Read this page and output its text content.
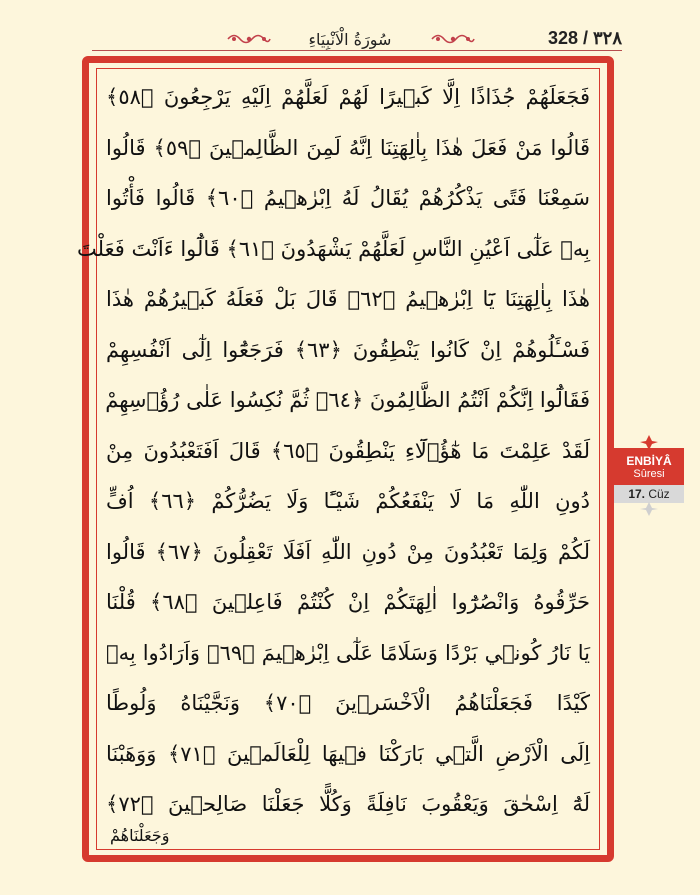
سُورَةُ الْاَنْبِيَاءِ	328 / ٣٢٨
فَجَعَلَهُمْ جُذَاذًا اِلَّا كَب۪يرًا لَهُمْ لَعَلَّهُمْ اِلَيْهِ يَرْجِعُونَ ﴿٥٨﴾
قَالُوا مَنْ فَعَلَ هٰذَا بِاٰلِهَتِنَا اِنَّهُ لَمِنَ الظَّالِم۪ينَ ﴿٥٩﴾ قَالُوا
سَمِعْنَا فَتًى يَذْكُرُهُمْ يُقَالُ لَهُ اِبْرٰه۪يمُ ﴿٦٠﴾ قَالُوا فَأْتُوا
بِه۪ عَلٰٓى اَعْيُنِ النَّاسِ لَعَلَّهُمْ يَشْهَدُونَ ﴿٦١﴾ قَالُٓوا ءَاَنْتَ فَعَلْتَ
هٰذَا بِاٰلِهَتِنَا يَٓا اِبْرٰه۪يمُ ﴿٦٢﴾ قَالَ بَلْ فَعَلَهُ كَب۪يرُهُمْ هٰذَا
فَسْـَٔلُوهُمْ اِنْ كَانُوا يَنْطِقُونَ ﴿٦٣﴾ فَرَجَعُٓوا اِلٰٓى اَنْفُسِهِمْ
فَقَالُٓوا اِنَّكُمْ اَنْتُمُ الظَّالِمُونَ ﴿٦٤﴾ ثُمَّ نُكِسُوا عَلٰى رُؤُ۫سِهِمْ
لَقَدْ عَلِمْتَ مَا هٰٓؤُ۬لَٓاءِ يَنْطِقُونَ ﴿٦٥﴾ قَالَ اَفَتَعْبُدُونَ مِنْ
دُونِ اللّٰهِ مَا لَا يَنْفَعُكُمْ شَيْـًٔا وَلَا يَضُرُّكُمْ ﴿٦٦﴾ اُفٍّ
لَكُمْ وَلِمَا تَعْبُدُونَ مِنْ دُونِ اللّٰهِ اَفَلَا تَعْقِلُونَ ﴿٦٧﴾ قَالُوا
حَرِّقُوهُ وَانْصُرُٓوا اٰلِهَتَكُمْ اِنْ كُنْتُمْ فَاعِل۪ينَ ﴿٦٨﴾ قُلْنَا
يَا نَارُ كُون۪ي بَرْدًا وَسَلَامًا عَلٰٓى اِبْرٰه۪يمَ ﴿٦٩﴾ وَاَرَادُوا بِه۪
كَيْدًا فَجَعَلْنَاهُمُ الْاَخْسَر۪ينَ ﴿٧٠﴾ وَنَجَّيْنَاهُ وَلُوطًا
اِلَى الْاَرْضِ الَّت۪ي بَارَكْنَا ف۪يهَا لِلْعَالَم۪ينَ ﴿٧١﴾ وَوَهَبْنَا
لَهُٓ اِسْحٰقَ وَيَعْقُوبَ نَافِلَةً وَكُلًّا جَعَلْنَا صَالِح۪ينَ ﴿٧٢﴾
وَجَعَلْنَاهُمْ
ENBİYÂ
Sûresi
17. Cüz
